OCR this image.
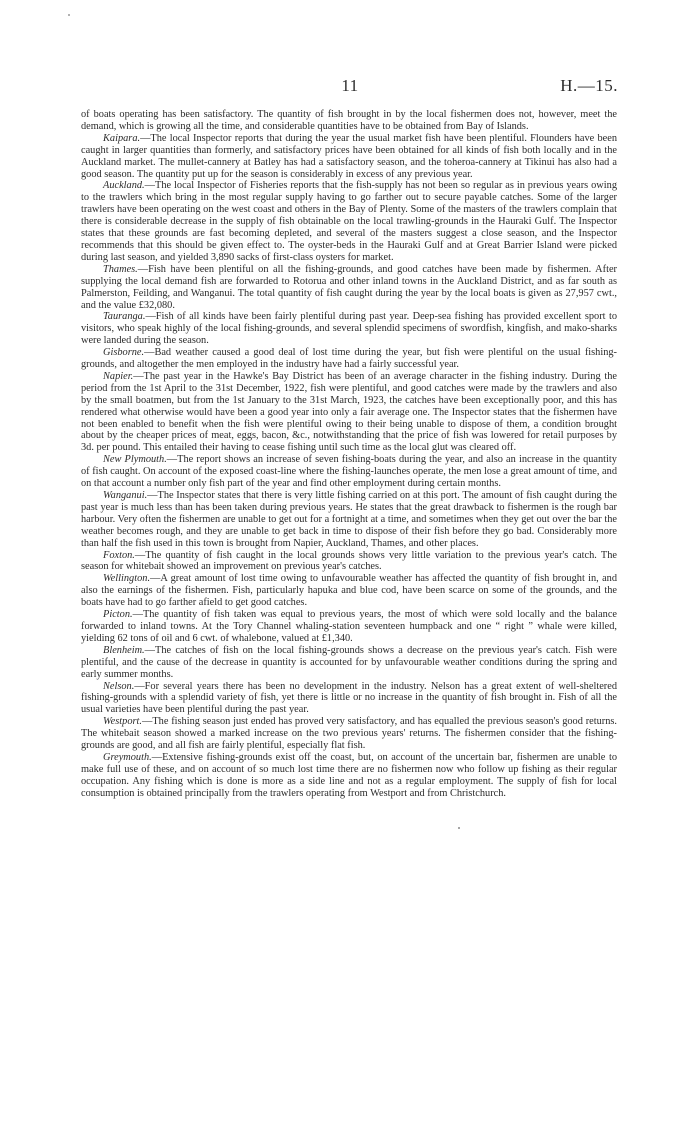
11	H.—15.

of boats operating has been satisfactory. The quantity of fish brought in by the local fishermen does not, however, meet the demand, which is growing all the time, and considerable quantities have to be obtained from Bay of Islands.

Kaipara.—The local Inspector reports that during the year the usual market fish have been plentiful. Flounders have been caught in larger quantities than formerly, and satisfactory prices have been obtained for all kinds of fish both locally and in the Auckland market. The mullet-cannery at Batley has had a satisfactory season, and the toheroa-cannery at Tikinui has also had a good season. The quantity put up for the season is considerably in excess of any previous year.

Auckland.—The local Inspector of Fisheries reports that the fish-supply has not been so regular as in previous years owing to the trawlers which bring in the most regular supply having to go farther out to secure payable catches. Some of the larger trawlers have been operating on the west coast and others in the Bay of Plenty. Some of the masters of the trawlers complain that there is considerable decrease in the supply of fish obtainable on the local trawling-grounds in the Hauraki Gulf. The Inspector states that these grounds are fast becoming depleted, and several of the masters suggest a close season, and the Inspector recommends that this should be given effect to. The oyster-beds in the Hauraki Gulf and at Great Barrier Island were picked during last season, and yielded 3,890 sacks of first-class oysters for market.

Thames.—Fish have been plentiful on all the fishing-grounds, and good catches have been made by fishermen. After supplying the local demand fish are forwarded to Rotorua and other inland towns in the Auckland District, and as far south as Palmerston, Feilding, and Wanganui. The total quantity of fish caught during the year by the local boats is given as 27,957 cwt., and the value £32,080.

Tauranga.—Fish of all kinds have been fairly plentiful during past year. Deep-sea fishing has provided excellent sport to visitors, who speak highly of the local fishing-grounds, and several splendid specimens of swordfish, kingfish, and mako-sharks were landed during the season.

Gisborne.—Bad weather caused a good deal of lost time during the year, but fish were plentiful on the usual fishing-grounds, and altogether the men employed in the industry have had a fairly successful year.

Napier.—The past year in the Hawke's Bay District has been of an average character in the fishing industry. During the period from the 1st April to the 31st December, 1922, fish were plentiful, and good catches were made by the trawlers and also by the small boatmen, but from the 1st January to the 31st March, 1923, the catches have been exceptionally poor, and this has rendered what otherwise would have been a good year into only a fair average one. The Inspector states that the fishermen have not been enabled to benefit when the fish were plentiful owing to their being unable to dispose of them, a condition brought about by the cheaper prices of meat, eggs, bacon, &c., notwithstanding that the price of fish was lowered for retail purposes by 3d. per pound. This entailed their having to cease fishing until such time as the local glut was cleared off.

New Plymouth.—The report shows an increase of seven fishing-boats during the year, and also an increase in the quantity of fish caught. On account of the exposed coast-line where the fishing-launches operate, the men lose a great amount of time, and on that account a number only fish part of the year and find other employment during certain months.

Wanganui.—The Inspector states that there is very little fishing carried on at this port. The amount of fish caught during the past year is much less than has been taken during previous years. He states that the great drawback to fishermen is the rough bar harbour. Very often the fishermen are unable to get out for a fortnight at a time, and sometimes when they get out over the bar the weather becomes rough, and they are unable to get back in time to dispose of their fish before they go bad. Considerably more than half the fish used in this town is brought from Napier, Auckland, Thames, and other places.

Foxton.—The quantity of fish caught in the local grounds shows very little variation to the previous year's catch. The season for whitebait showed an improvement on previous year's catches.

Wellington.—A great amount of lost time owing to unfavourable weather has affected the quantity of fish brought in, and also the earnings of the fishermen. Fish, particularly hapuka and blue cod, have been scarce on some of the grounds, and the boats have had to go farther afield to get good catches.

Picton.—The quantity of fish taken was equal to previous years, the most of which were sold locally and the balance forwarded to inland towns. At the Tory Channel whaling-station seventeen humpback and one “ right ” whale were killed, yielding 62 tons of oil and 6 cwt. of whalebone, valued at £1,340.

Blenheim.—The catches of fish on the local fishing-grounds shows a decrease on the previous year's catch. Fish were plentiful, and the cause of the decrease in quantity is accounted for by unfavourable weather conditions during the spring and early summer months.

Nelson.—For several years there has been no development in the industry. Nelson has a great extent of well-sheltered fishing-grounds with a splendid variety of fish, yet there is little or no increase in the quantity of fish brought in. Fish of all the usual varieties have been plentiful during the past year.

Westport.—The fishing season just ended has proved very satisfactory, and has equalled the previous season's good returns. The whitebait season showed a marked increase on the two previous years' returns. The fishermen consider that the fishing-grounds are good, and all fish are fairly plentiful, especially flat fish.

Greymouth.—Extensive fishing-grounds exist off the coast, but, on account of the uncertain bar, fishermen are unable to make full use of these, and on account of so much lost time there are no fishermen now who follow up fishing as their regular occupation. Any fishing which is done is more as a side line and not as a regular employment. The supply of fish for local consumption is obtained principally from the trawlers operating from Westport and from Christchurch.
